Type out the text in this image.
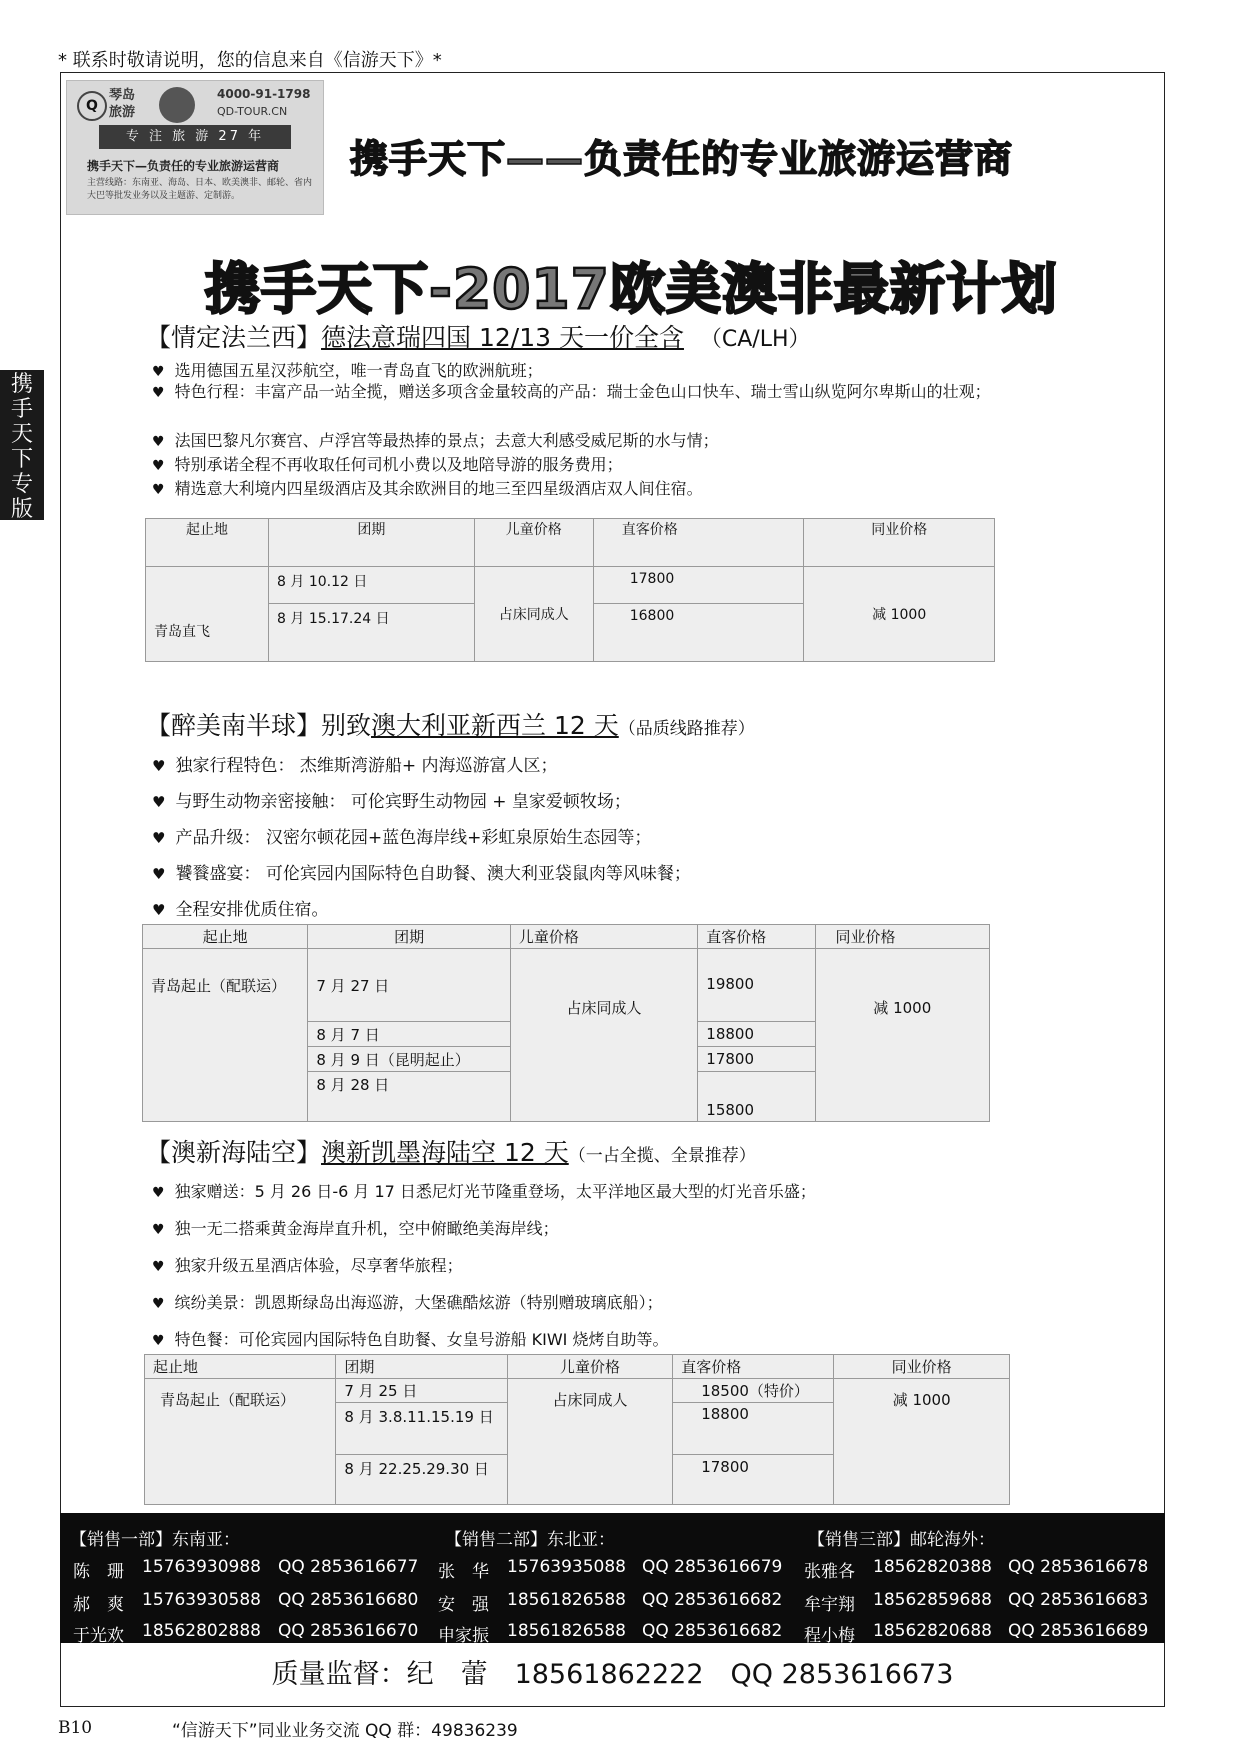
* 联系时敬请说明，您的信息来自《信游天下》*
携
手
天
下
专
版
Q
琴岛
旅游
4000-91-1798
QD-TOUR.CN
专 注 旅 游 27 年
携手天下—负责任的专业旅游运营商
主营线路：东南亚、海岛、日本、欧美澳非、邮轮、省内大巴等批发业务以及主题游、定制游。
携手天下——负责任的专业旅游运营商
携手天下-2017欧美澳非最新计划
【情定法兰西】德法意瑞四国 12/13 天一价全含 （CA/LH）
♥ 选用德国五星汉莎航空，唯一青岛直飞的欧洲航班；
♥ 特色行程：丰富产品一站全揽，赠送多项含金量较高的产品：瑞士金色山口快车、瑞士雪山纵览阿尔卑斯山的壮观；
♥ 法国巴黎凡尔赛宫、卢浮宫等最热捧的景点；去意大利感受威尼斯的水与情；
♥ 特别承诺全程不再收取任何司机小费以及地陪导游的服务费用；
♥ 精选意大利境内四星级酒店及其余欧洲目的地三至四星级酒店双人间住宿。
起止地	团期	儿童价格	直客价格	同业价格
青岛直飞	8 月 10.12 日	占床同成人	17800	减 1000
	8 月 15.17.24 日		16800	
【醉美南半球】别致澳大利亚新西兰 12 天（品质线路推荐）
♥ 独家行程特色： 杰维斯湾游船+ 内海巡游富人区；
♥ 与野生动物亲密接触： 可伦宾野生动物园 + 皇家爱顿牧场；
♥ 产品升级： 汉密尔顿花园+蓝色海岸线+彩虹泉原始生态园等；
♥ 饕餮盛宴： 可伦宾园内国际特色自助餐、澳大利亚袋鼠肉等风味餐；
♥ 全程安排优质住宿。
起止地	团期	儿童价格	直客价格	同业价格
青岛起止（配联运）	7 月 27 日	占床同成人	19800	减 1000
	8 月 7 日		18800	
	8 月 9 日（昆明起止）		17800	
	8 月 28 日		15800	
【澳新海陆空】澳新凯墨海陆空 12 天（一占全揽、全景推荐）
♥ 独家赠送：5 月 26 日-6 月 17 日悉尼灯光节隆重登场，太平洋地区最大型的灯光音乐盛；
♥ 独一无二搭乘黄金海岸直升机，空中俯瞰绝美海岸线；
♥ 独家升级五星酒店体验，尽享奢华旅程；
♥ 缤纷美景：凯恩斯绿岛出海巡游，大堡礁酷炫游（特别赠玻璃底船）；
♥ 特色餐：可伦宾园内国际特色自助餐、女皇号游船 KIWI 烧烤自助等。
起止地	团期	儿童价格	直客价格	同业价格
青岛起止（配联运）	7 月 25 日	占床同成人	18500（特价）	减 1000
	8 月 3.8.11.15.19 日		18800	
	8 月 22.25.29.30 日		17800	
【销售一部】东南亚：	【销售二部】东北亚：	【销售三部】邮轮海外：
陈　珊 15763930988 QQ 2853616677
郝　爽 15763930588 QQ 2853616680
于光欢 18562802888 QQ 2853616670
张　华 15763935088 QQ 2853616679
安　强 18561826588 QQ 2853616682
申家振 18561826588 QQ 2853616682
张雅各 18562820388 QQ 2853616678
牟宇翔 18562859688 QQ 2853616683
程小梅 18562820688 QQ 2853616689
质量监督：纪　蕾　18561862222　QQ 2853616673
B10	“信游天下”同业业务交流 QQ 群：49836239
